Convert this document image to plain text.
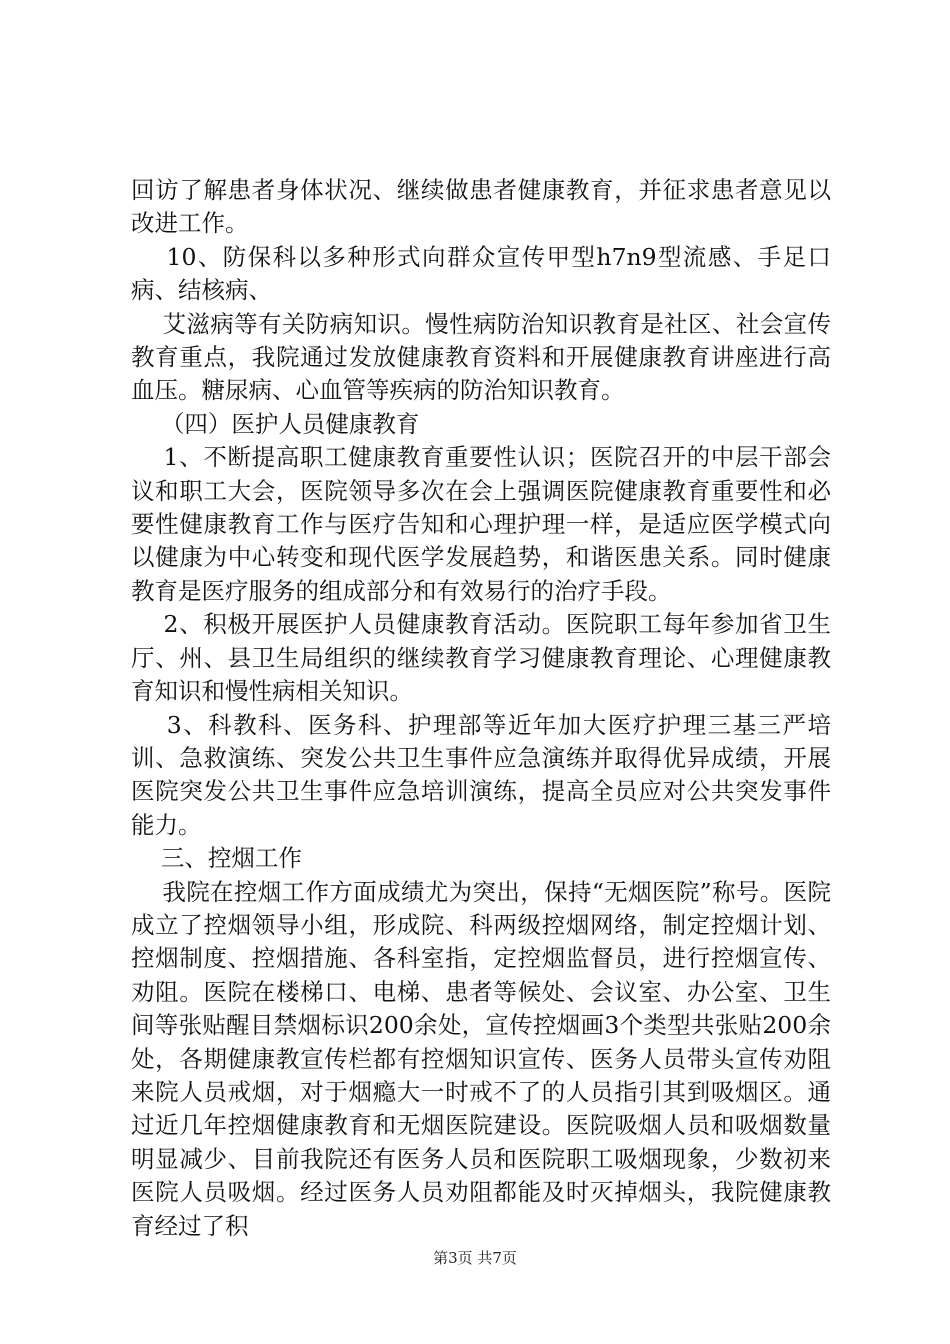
回访了解患者身体状况、继续做患者健康教育，并征求患者意见以改进工作。

10、防保科以多种形式向群众宣传甲型h7n9型流感、手足口病、结核病、

艾滋病等有关防病知识。慢性病防治知识教育是社区、社会宣传教育重点，我院通过发放健康教育资料和开展健康教育讲座进行高血压。糖尿病、心血管等疾病的防治知识教育。

（四）医护人员健康教育

1、不断提高职工健康教育重要性认识；医院召开的中层干部会议和职工大会，医院领导多次在会上强调医院健康教育重要性和必要性健康教育工作与医疗告知和心理护理一样，是适应医学模式向以健康为中心转变和现代医学发展趋势，和谐医患关系。同时健康教育是医疗服务的组成部分和有效易行的治疗手段。

2、积极开展医护人员健康教育活动。医院职工每年参加省卫生厅、州、县卫生局组织的继续教育学习健康教育理论、心理健康教育知识和慢性病相关知识。

3、科教科、医务科、护理部等近年加大医疗护理三基三严培训、急救演练、突发公共卫生事件应急演练并取得优异成绩，开展医院突发公共卫生事件应急培训演练，提高全员应对公共突发事件能力。

三、控烟工作

我院在控烟工作方面成绩尤为突出，保持“无烟医院”称号。医院成立了控烟领导小组，形成院、科两级控烟网络，制定控烟计划、控烟制度、控烟措施、各科室指，定控烟监督员，进行控烟宣传、劝阻。医院在楼梯口、电梯、患者等候处、会议室、办公室、卫生间等张贴醒目禁烟标识200余处，宣传控烟画3个类型共张贴200余处，各期健康教宣传栏都有控烟知识宣传、医务人员带头宣传劝阻来院人员戒烟，对于烟瘾大一时戒不了的人员指引其到吸烟区。通过近几年控烟健康教育和无烟医院建设。医院吸烟人员和吸烟数量明显减少、目前我院还有医务人员和医院职工吸烟现象，少数初来医院人员吸烟。经过医务人员劝阻都能及时灭掉烟头，我院健康教育经过了积

第3页 共7页
